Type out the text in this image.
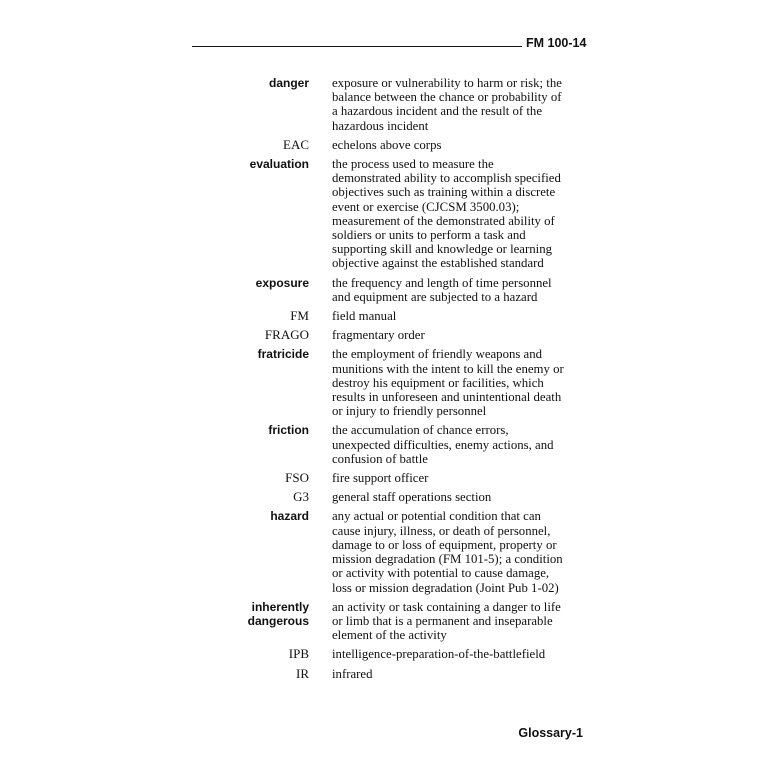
FM 100-14
danger exposure or vulnerability to harm or risk; the
balance between the chance or probability of
a hazardous incident and the result of the
hazardous incident
EAC echelons above corps
evaluation the process used to measure the
demonstrated ability to accomplish specified
objectives such as training within a discrete
event or exercise (CJCSM 3500.03);
measurement of the demonstrated ability of
soldiers or units to perform a task and
supporting skill and knowledge or learning
objective against the established standard
exposure the frequency and length of time personnel
and equipment are subjected to a hazard
FM field manual
FRAGO fragmentary order
fratricide the employment of friendly weapons and
munitions with the intent to kill the enemy or
destroy his equipment or facilities, which
results in unforeseen and unintentional death
or injury to friendly personnel
friction the accumulation of chance errors,
unexpected difficulties, enemy actions, and
confusion of battle
FSO fire support officer
G3 general staff operations section
hazard any actual or potential condition that can
cause injury, illness, or death of personnel,
damage to or loss of equipment, property or
mission degradation (FM 101-5); a condition
or activity with potential to cause damage,
loss or mission degradation (Joint Pub 1-02)
inherently
dangerous
an activity or task containing a danger to life
or limb that is a permanent and inseparable
element of the activity
IPB intelligence-preparation-of-the-battlefield
IR infrared
Glossary-1
